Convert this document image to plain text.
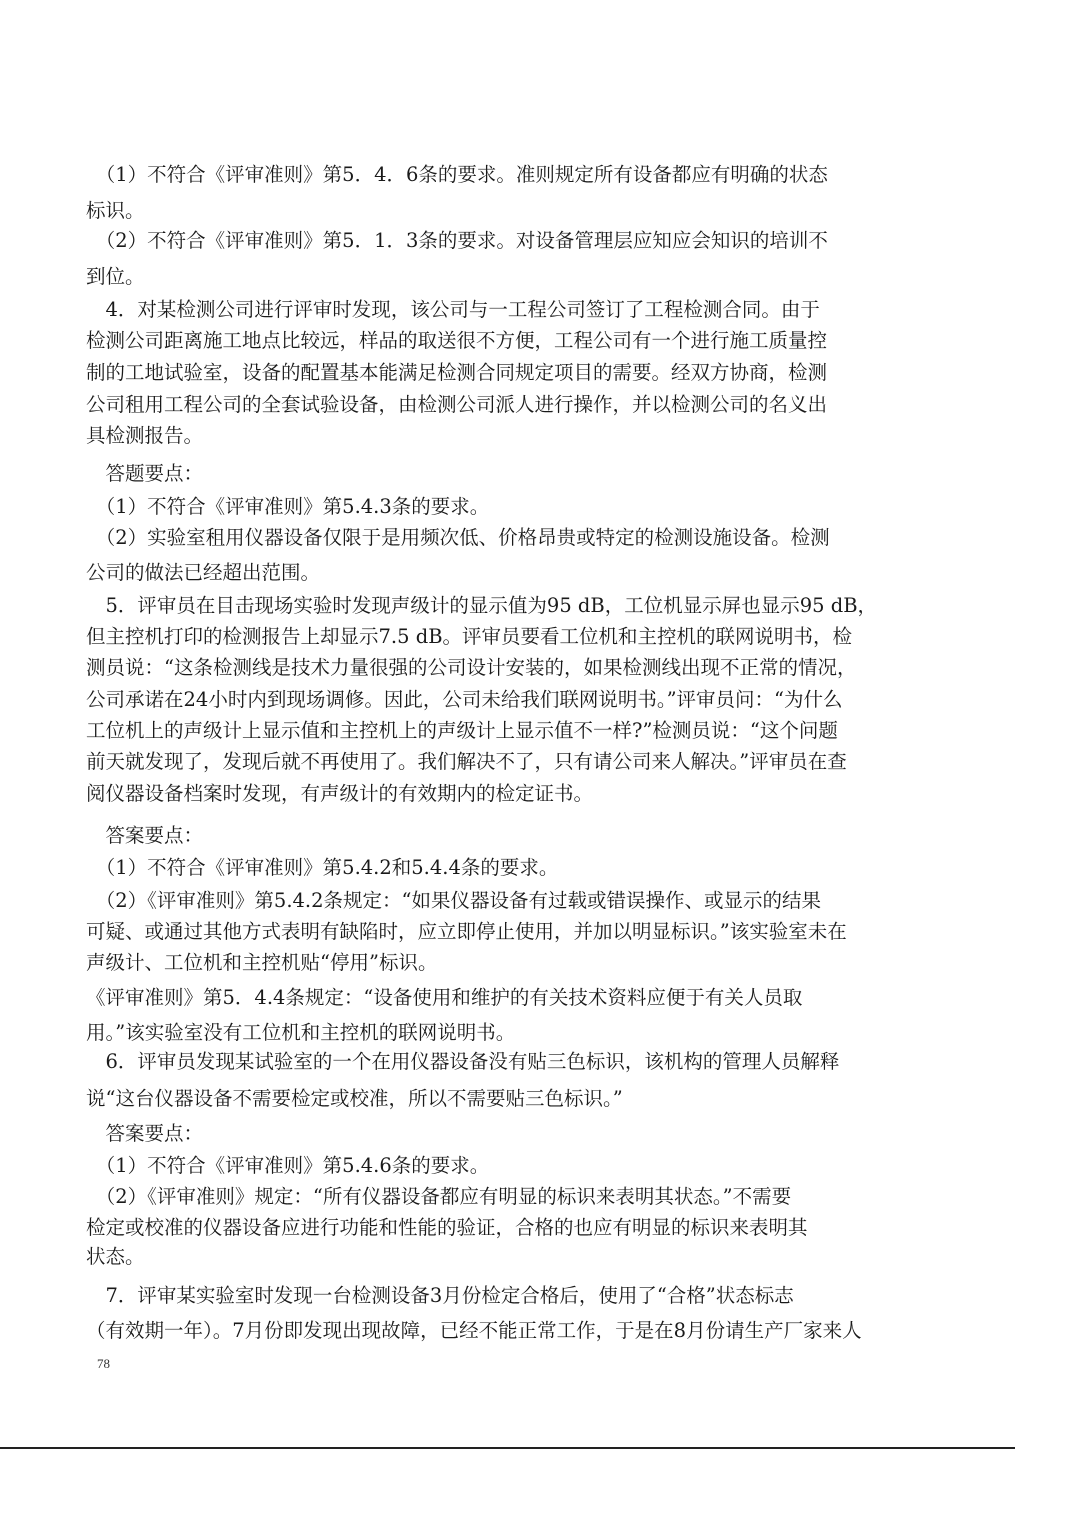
　（1）不符合《评审准则》第5．4．6条的要求。准则规定所有设备都应有明确的状态
标识。
　（2）不符合《评审准则》第5．1．3条的要求。对设备管理层应知应会知识的培训不
到位。
　4．对某检测公司进行评审时发现，该公司与一工程公司签订了工程检测合同。由于
检测公司距离施工地点比较远，样品的取送很不方便，工程公司有一个进行施工质量控
制的工地试验室，设备的配置基本能满足检测合同规定项目的需要。经双方协商，检测
公司租用工程公司的全套试验设备，由检测公司派人进行操作，并以检测公司的名义出
具检测报告。
　答题要点：
　（1）不符合《评审准则》第5.4.3条的要求。
　（2）实验室租用仪器设备仅限于是用频次低、价格昂贵或特定的检测设施设备。检测
公司的做法已经超出范围。
　5．评审员在目击现场实验时发现声级计的显示值为95 dB，工位机显示屏也显示95 dB，
但主控机打印的检测报告上却显示7.5 dB。评审员要看工位机和主控机的联网说明书，检
测员说：“这条检测线是技术力量很强的公司设计安装的，如果检测线出现不正常的情况，
公司承诺在24小时内到现场调修。因此，公司未给我们联网说明书。”评审员问：“为什么
工位机上的声级计上显示值和主控机上的声级计上显示值不一样?”检测员说：“这个问题
前天就发现了，发现后就不再使用了。我们解决不了，只有请公司来人解决。”评审员在查
阅仪器设备档案时发现，有声级计的有效期内的检定证书。
　答案要点：
　（1）不符合《评审准则》第5.4.2和5.4.4条的要求。
　（2）《评审准则》第5.4.2条规定：“如果仪器设备有过载或错误操作、或显示的结果
可疑、或通过其他方式表明有缺陷时，应立即停止使用，并加以明显标识。”该实验室未在
声级计、工位机和主控机贴“停用”标识。
《评审准则》第5．4.4条规定：“设备使用和维护的有关技术资料应便于有关人员取
用。”该实验室没有工位机和主控机的联网说明书。
　6．评审员发现某试验室的一个在用仪器设备没有贴三色标识，该机构的管理人员解释
说“这台仪器设备不需要检定或校准，所以不需要贴三色标识。”
　答案要点：
　（1）不符合《评审准则》第5.4.6条的要求。
　（2）《评审准则》规定：“所有仪器设备都应有明显的标识来表明其状态。”不需要
检定或校准的仪器设备应进行功能和性能的验证，合格的也应有明显的标识来表明其
状态。
　7．评审某实验室时发现一台检测设备3月份检定合格后，使用了“合格”状态标志
（有效期一年）。7月份即发现出现故障，已经不能正常工作，于是在8月份请生产厂家来人
78
